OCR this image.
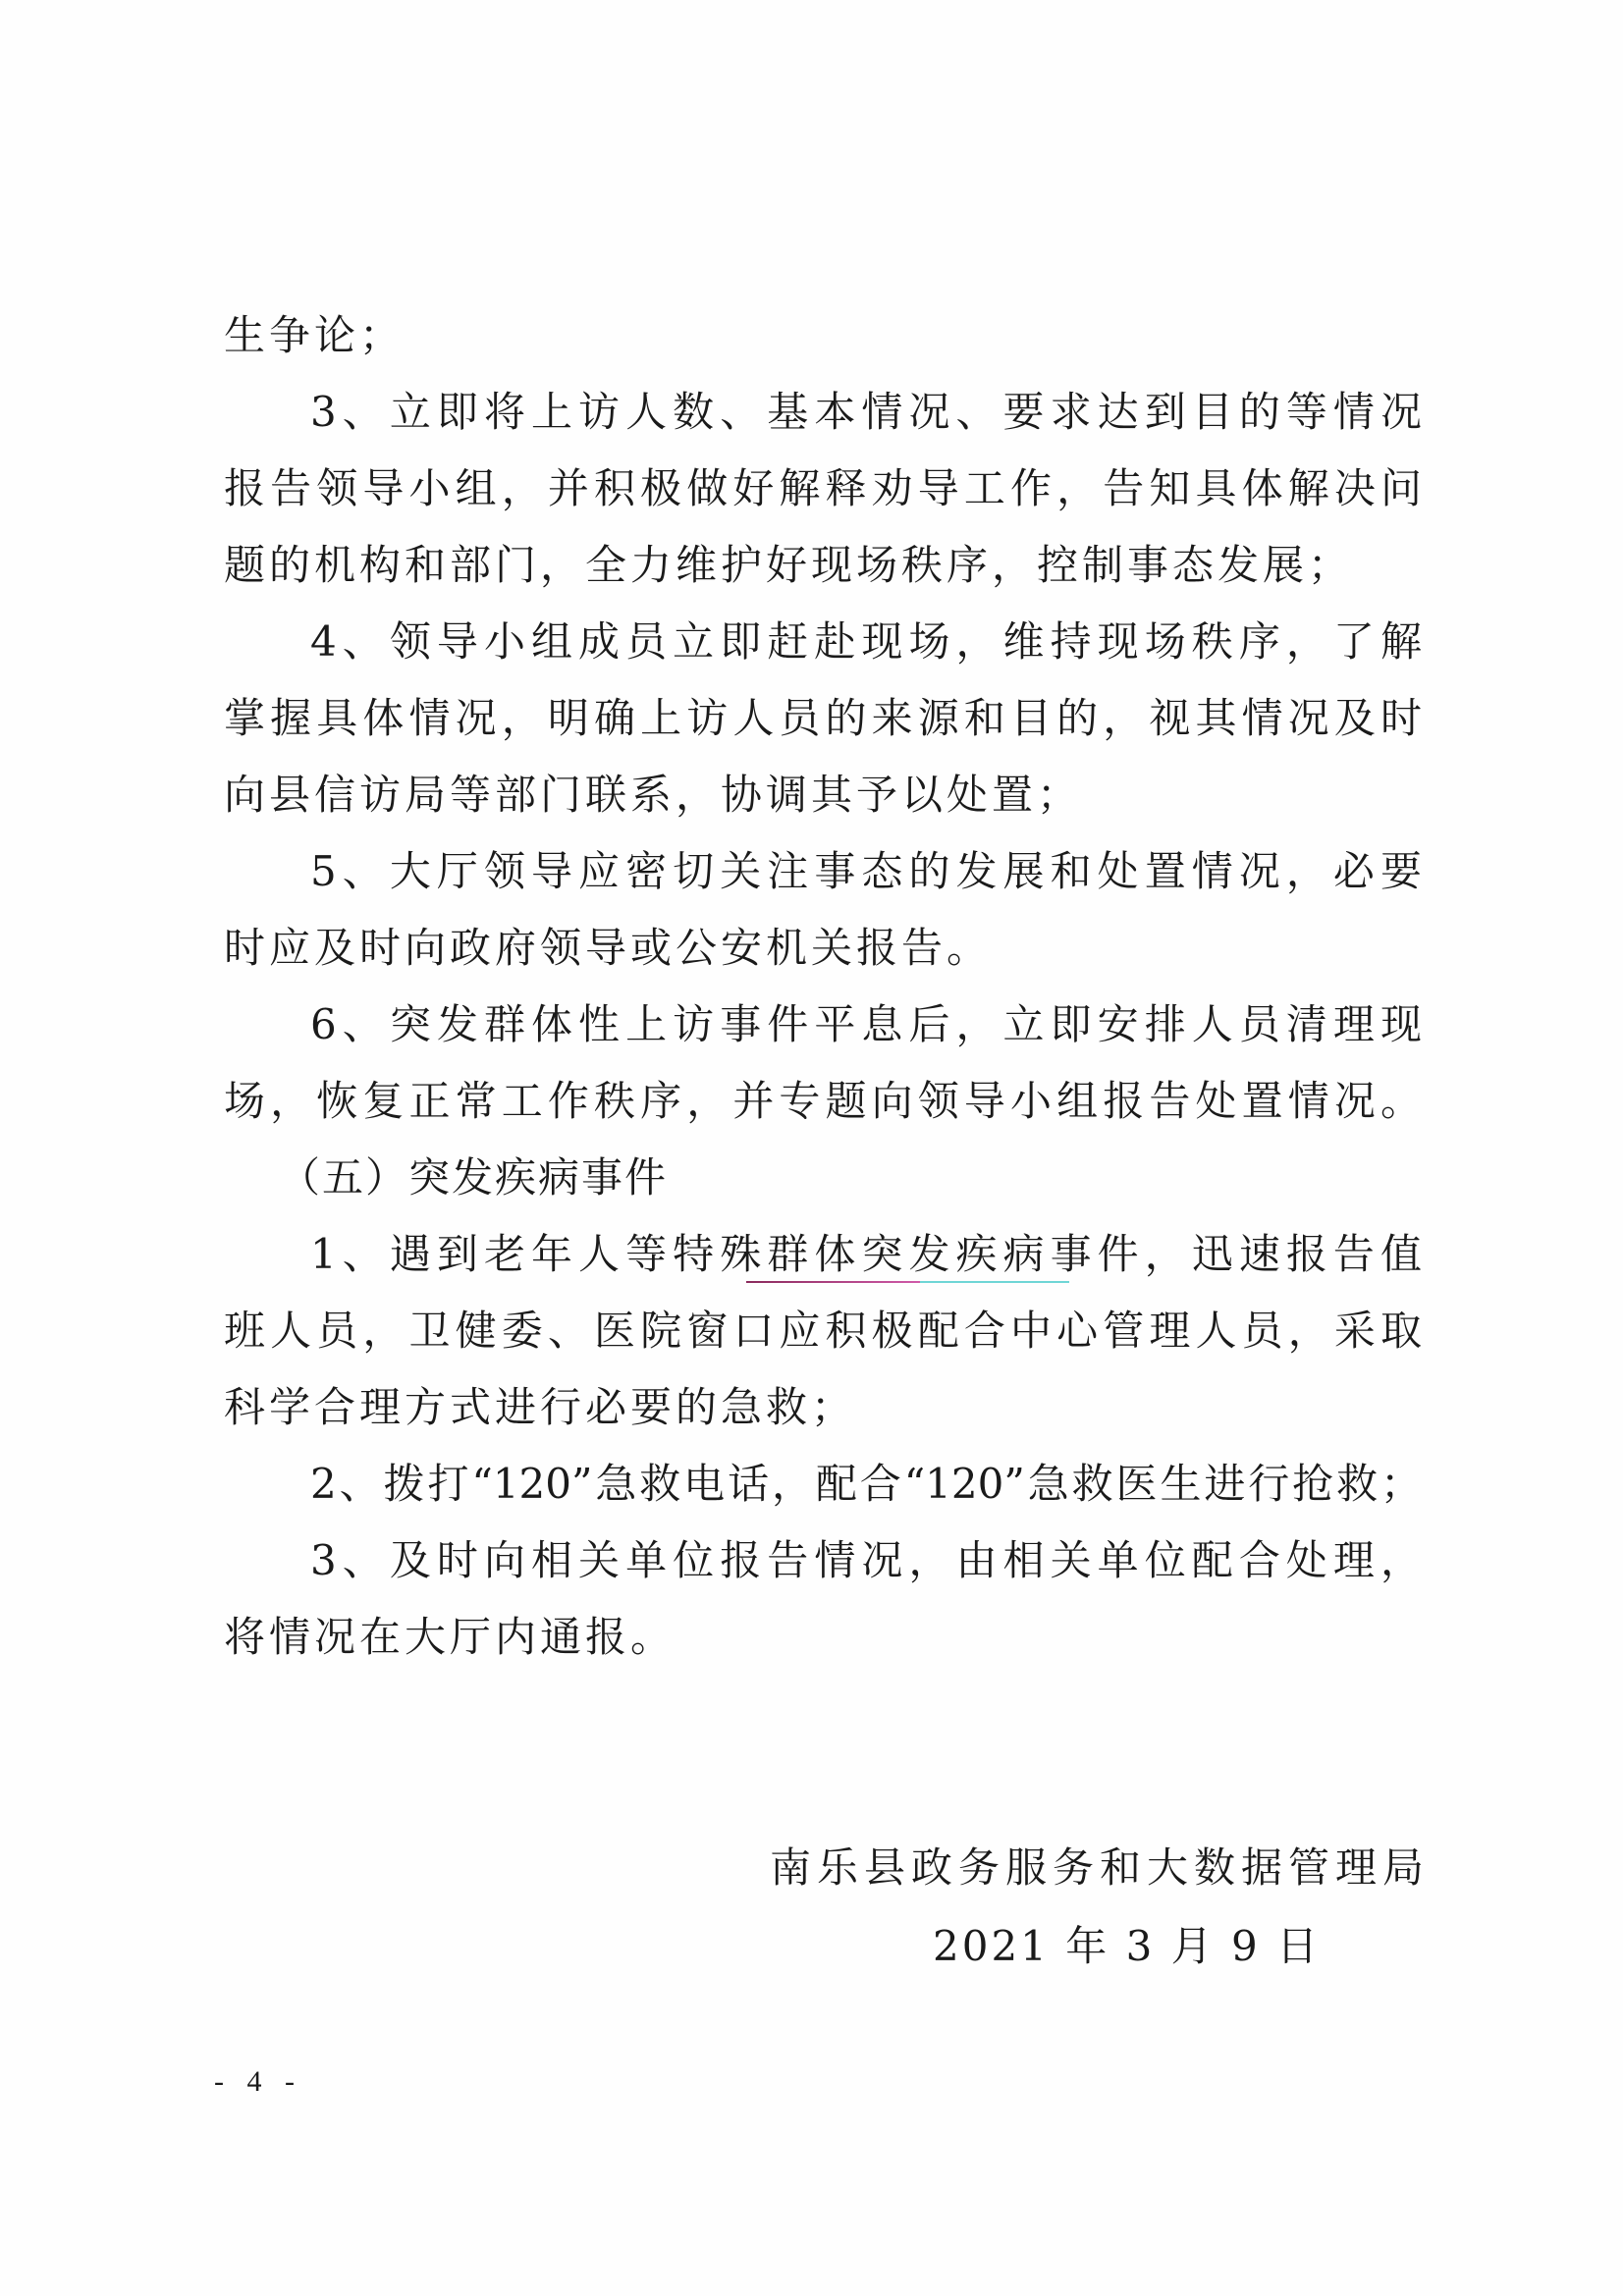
生争论；
3、立即将上访人数、基本情况、要求达到目的等情况
报告领导小组，并积极做好解释劝导工作，告知具体解决问
题的机构和部门，全力维护好现场秩序，控制事态发展；
4、领导小组成员立即赶赴现场，维持现场秩序，了解
掌握具体情况，明确上访人员的来源和目的，视其情况及时
向县信访局等部门联系，协调其予以处置；
5、大厅领导应密切关注事态的发展和处置情况，必要
时应及时向政府领导或公安机关报告。
6、突发群体性上访事件平息后，立即安排人员清理现
场，恢复正常工作秩序，并专题向领导小组报告处置情况。
（五）突发疾病事件
1、遇到老年人等特殊群体突发疾病事件，迅速报告值
班人员，卫健委、医院窗口应积极配合中心管理人员，采取
科学合理方式进行必要的急救；
2、拨打“120”急救电话，配合“120”急救医生进行抢救；
3、及时向相关单位报告情况，由相关单位配合处理，
将情况在大厅内通报。
南乐县政务服务和大数据管理局
2021 年 3 月 9 日
- 4 -
